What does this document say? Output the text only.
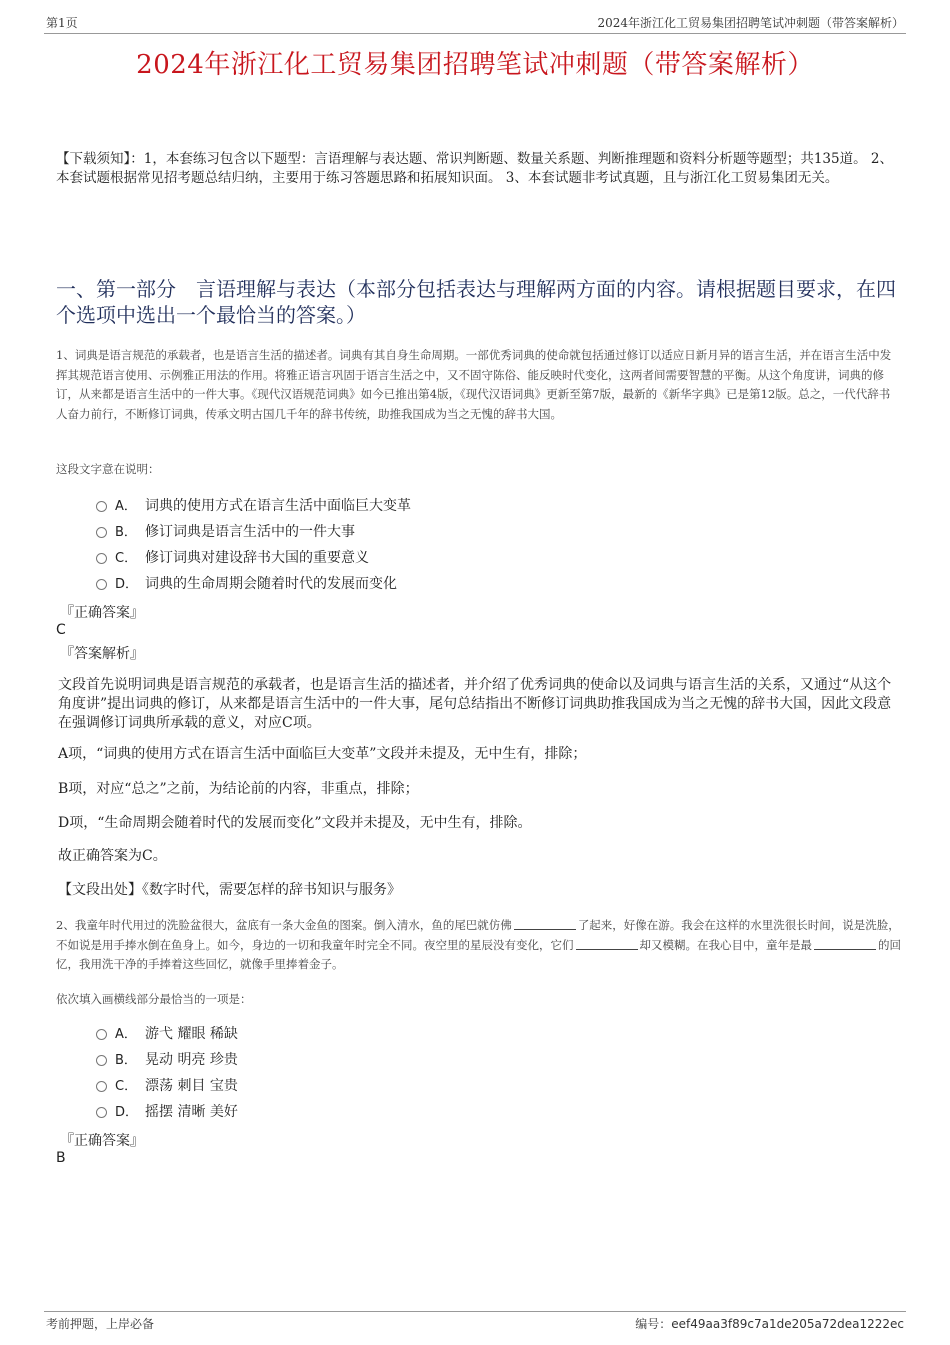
第1页	2024年浙江化工贸易集团招聘笔试冲刺题（带答案解析）
2024年浙江化工贸易集团招聘笔试冲刺题（带答案解析）
【下载须知】：1，本套练习包含以下题型：言语理解与表达题、常识判断题、数量关系题、判断推理题和资料分析题等题型；共135道。 2、本套试题根据常见招考题总结归纳，主要用于练习答题思路和拓展知识面。 3、本套试题非考试真题，且与浙江化工贸易集团无关。
一、第一部分　言语理解与表达（本部分包括表达与理解两方面的内容。请根据题目要求，在四个选项中选出一个最恰当的答案。）
1、词典是语言规范的承载者，也是语言生活的描述者。词典有其自身生命周期。一部优秀词典的使命就包括通过修订以适应日新月异的语言生活，并在语言生活中发挥其规范语言使用、示例雅正用法的作用。将雅正语言巩固于语言生活之中，又不固守陈俗、能反映时代变化，这两者间需要智慧的平衡。从这个角度讲，词典的修订，从来都是语言生活中的一件大事。《现代汉语规范词典》如今已推出第4版，《现代汉语词典》更新至第7版，最新的《新华字典》已是第12版。总之，一代代辞书人奋力前行，不断修订词典，传承文明古国几千年的辞书传统，助推我国成为当之无愧的辞书大国。
这段文字意在说明：
A． 词典的使用方式在语言生活中面临巨大变革
B． 修订词典是语言生活中的一件大事
C． 修订词典对建设辞书大国的重要意义
D． 词典的生命周期会随着时代的发展而变化
『正确答案』
C
『答案解析』
文段首先说明词典是语言规范的承载者，也是语言生活的描述者，并介绍了优秀词典的使命以及词典与语言生活的关系，又通过“从这个角度讲”提出词典的修订，从来都是语言生活中的一件大事，尾句总结指出不断修订词典助推我国成为当之无愧的辞书大国，因此文段意在强调修订词典所承载的意义，对应C项。
A项，“词典的使用方式在语言生活中面临巨大变革”文段并未提及，无中生有，排除；
B项，对应“总之”之前，为结论前的内容，非重点，排除；
D项，“生命周期会随着时代的发展而变化”文段并未提及，无中生有，排除。
故正确答案为C。
【文段出处】《数字时代，需要怎样的辞书知识与服务》
2、我童年时代用过的洗脸盆很大，盆底有一条大金鱼的图案。倒入清水，鱼的尾巴就仿佛	了起来，好像在游。我会在这样的水里洗很长时间，说是洗脸，不如说是用手捧水倒在鱼身上。如今，身边的一切和我童年时完全不同。夜空里的星辰没有变化，它们	却又模糊。在我心目中，童年是最	的回忆，我用洗干净的手捧着这些回忆，就像手里捧着金子。
依次填入画横线部分最恰当的一项是：
A． 游弋 耀眼 稀缺
B． 晃动 明亮 珍贵
C． 漂荡 刺目 宝贵
D． 摇摆 清晰 美好
『正确答案』
B
考前押题，上岸必备	编号：eef49aa3f89c7a1de205a72dea1222ec
